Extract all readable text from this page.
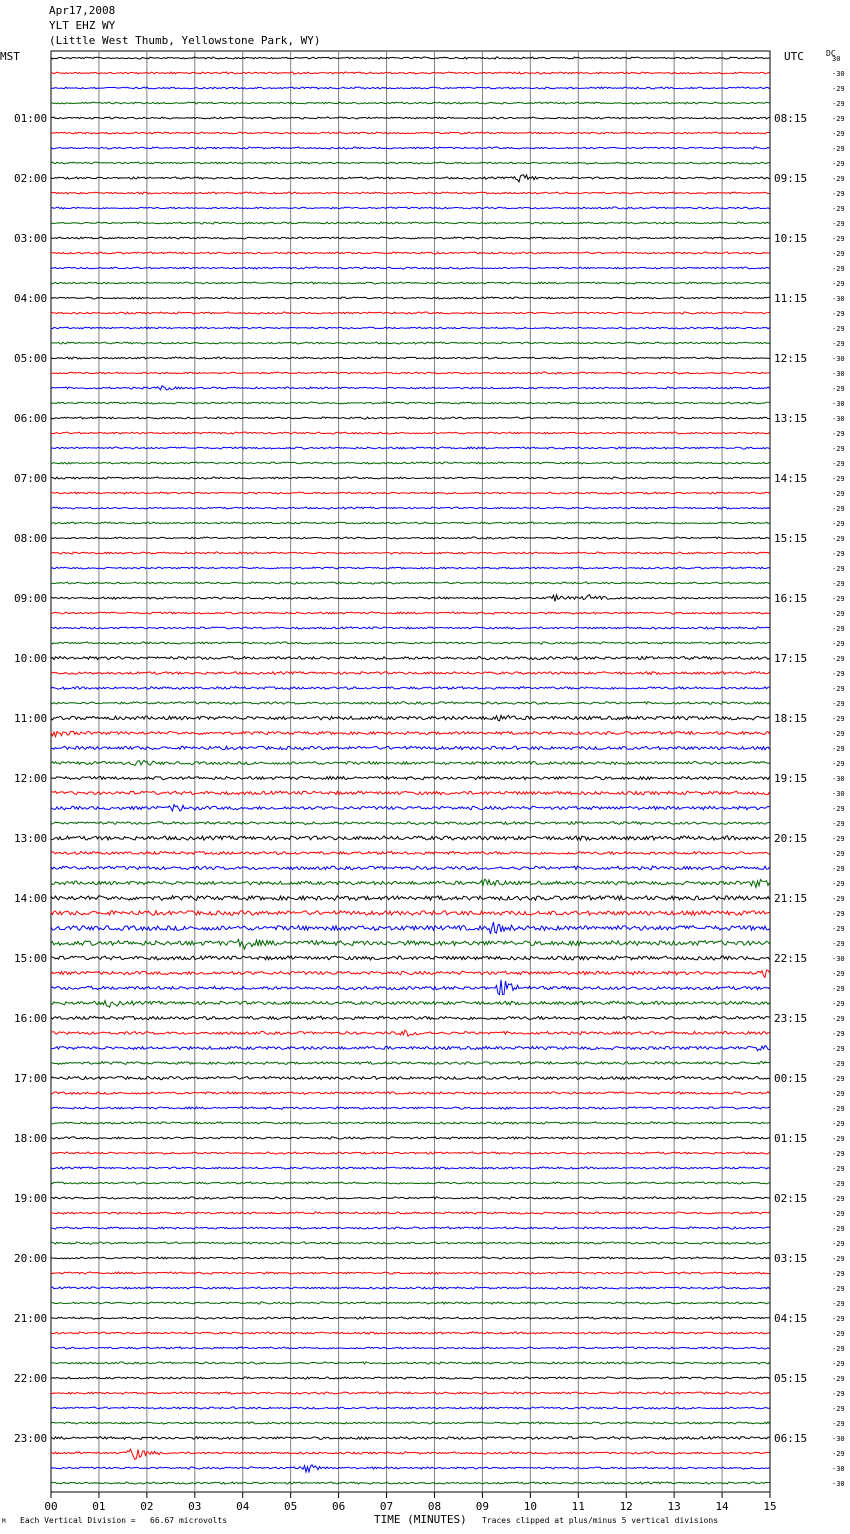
Apr17,2008
YLT EHZ WY
(Little West Thumb, Yellowstone Park, WY)
MST	UTC	DC
01:00
02:00
03:00
04:00
05:00
06:00
07:00
08:00
09:00
10:00
11:00
12:00
13:00
14:00
15:00
16:00
17:00
18:00
19:00
20:00
21:00
22:00
23:00
08:15
09:15
10:15
11:15
12:15
13:15
14:15
15:15
16:15
17:15
18:15
19:15
20:15
21:15
22:15
23:15
00:15
01:15
02:15
03:15
04:15
05:15
06:15
30
-30
-29
-29
-29
-29
-29
-29
-29
-29
-29
-29
-29
-29
-29
-29
-30
-29
-29
-29
-30
-30
-29
-30
-30
-29
-29
-29
-29
-29
-29
-29
-29
-29
-29
-29
-29
-29
-29
-29
-29
-29
-29
-29
-29
-29
-29
-29
-30
-30
-29
-29
-29
-29
-29
-29
-29
-29
-29
-29
-30
-29
-29
-29
-29
-29
-29
-29
-29
-29
-29
-29
-29
-29
-29
-29
-29
-29
-29
-29
-29
-29
-29
-29
-29
-29
-29
-29
-29
-29
-29
-29
-30
-29
-30
-30
00	01	02	03	04	05	06	07	08	09	10	11	12	13	14	15
TIME (MINUTES)
Each Vertical Division =   66.67 microvolts	Traces clipped at plus/minus 5 vertical divisions
M
